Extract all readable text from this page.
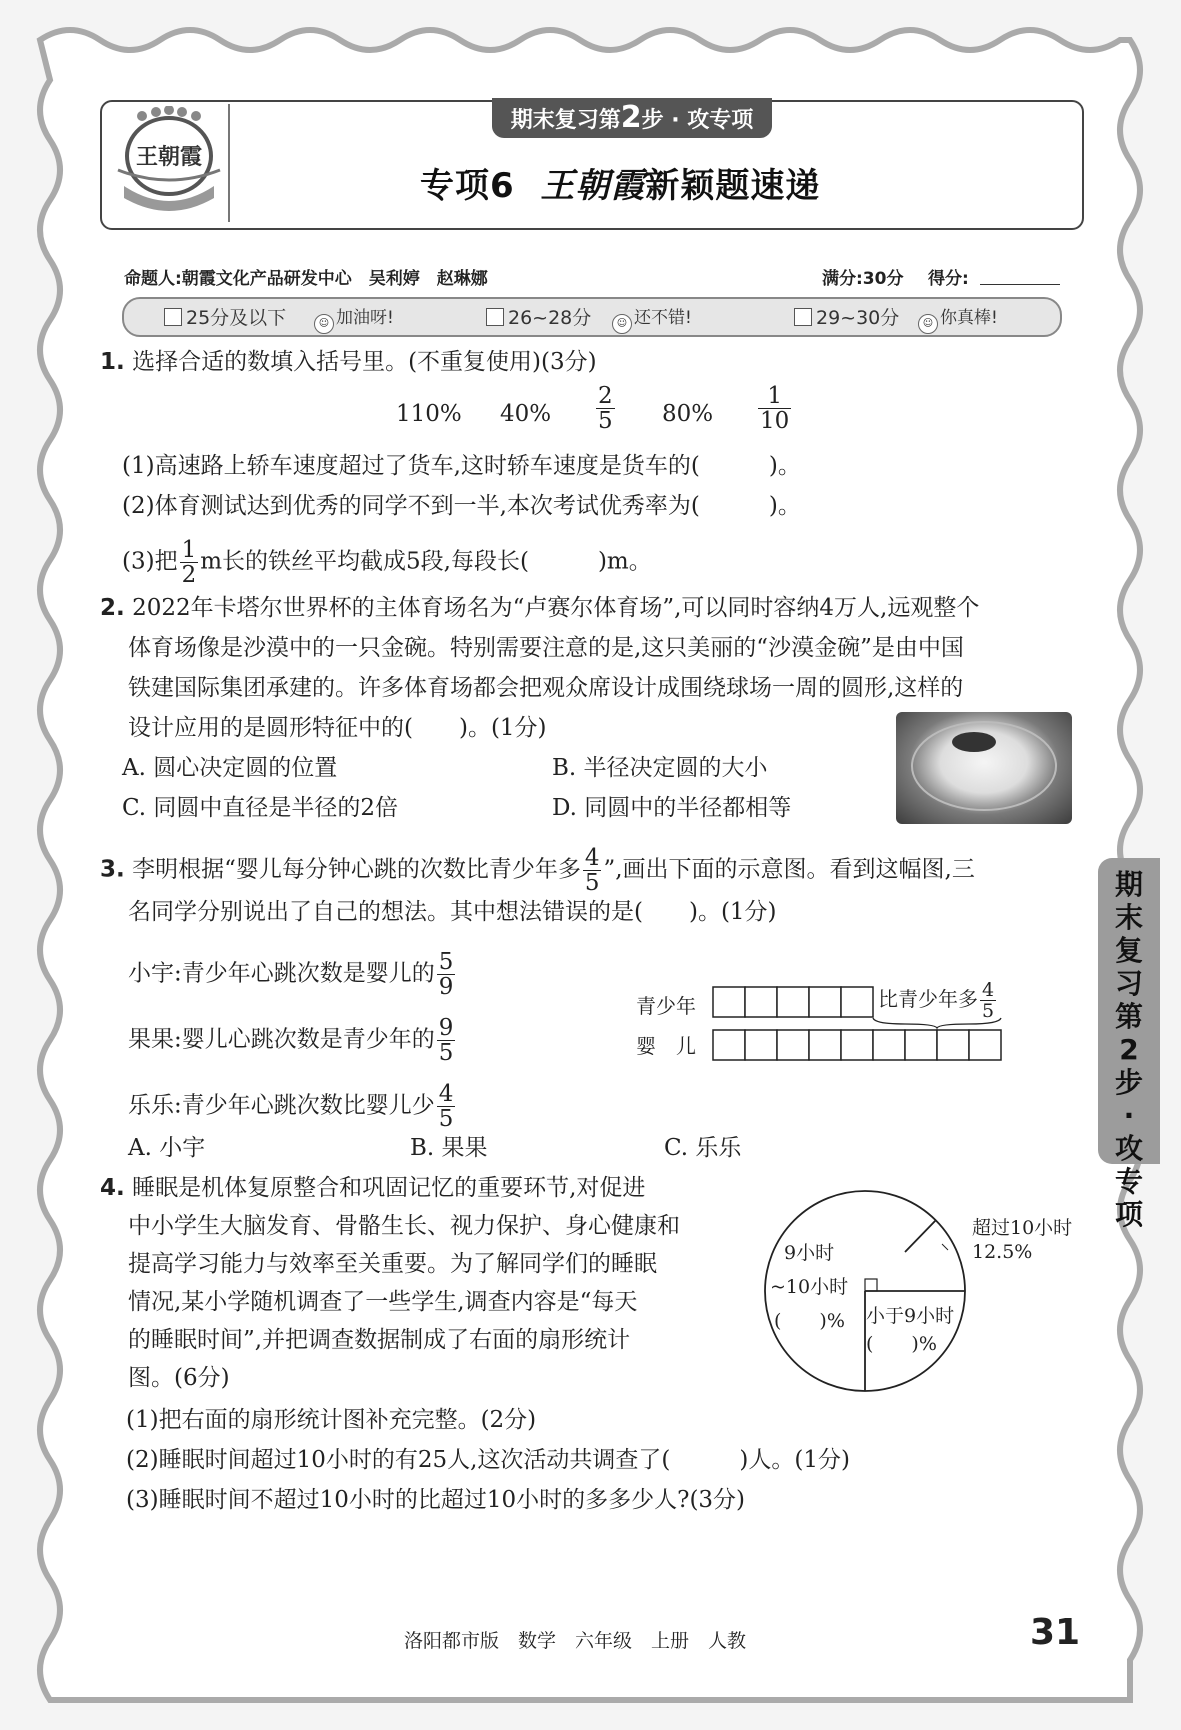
王朝霞
期末复习第2步 · 攻专项
专项6 王朝霞新颖题速递
命题人:朝霞文化产品研发中心　吴利婷　赵琳娜	满分:30分 得分:
25分及以下	☺ 加油呀!	26~28分	☺ 还不错!	29~30分	☺ 你真棒!
1. 选择合适的数填入括号里。(不重复使用)(3分)
110% $40\% \frac{2}{5} 80\% \frac{1}{10}$
(1)高速路上轿车速度超过了货车,这时轿车速度是货车的(　　　)。
(2)体育测试达到优秀的同学不到一半,本次考试优秀率为(　　　)。
(3)把 $\frac{1}{2}$ m长的铁丝平均截成5段,每段长(　　　)m。
2. 2022年卡塔尔世界杯的主体育场名为“卢赛尔体育场”,可以同时容纳4万人,远观整个
体育场像是沙漠中的一只金碗。特别需要注意的是,这只美丽的“沙漠金碗”是由中国
铁建国际集团承建的。许多体育场都会把观众席设计成围绕球场一周的圆形,这样的
设计应用的是圆形特征中的(　　)。(1分)
A. 圆心决定圆的位置	B. 半径决定圆的大小
C. 同圆中直径是半径的2倍	D. 同圆中的半径都相等
3. 李明根据“婴儿每分钟心跳的次数比青少年多 $\frac{4}{5}$ ”,画出下面的示意图。看到这幅图,三
名同学分别说出了自己的想法。其中想法错误的是(　　)。(1分)
小宇:青少年心跳次数是婴儿的 $\frac{5}{9}$
果果:婴儿心跳次数是青少年的 $\frac{9}{5}$
乐乐:青少年心跳次数比婴儿少 $\frac{4}{5}$
青少年
婴　儿
比青少年多 $\frac{4}{5}$
A. 小宇	B. 果果	C. 乐乐
4. 睡眠是机体复原整合和巩固记忆的重要环节,对促进
中小学生大脑发育、骨骼生长、视力保护、身心健康和
提高学习能力与效率至关重要。为了解同学们的睡眠
情况,某小学随机调查了一些学生,调查内容是“每天
的睡眠时间”,并把调查数据制成了右面的扇形统计
图。(6分)
(1)把右面的扇形统计图补充完整。(2分)
(2)睡眠时间超过10小时的有25人,这次活动共调查了(　　　)人。(1分)
(3)睡眠时间不超过10小时的比超过10小时的多多少人?(3分)
超过10小时
12.5%
9小时
~10小时
(　　)% 小于9小时
(　　)%
期末复习第2步·攻专项
洛阳都市版　数学　六年级　上册　人教	31
